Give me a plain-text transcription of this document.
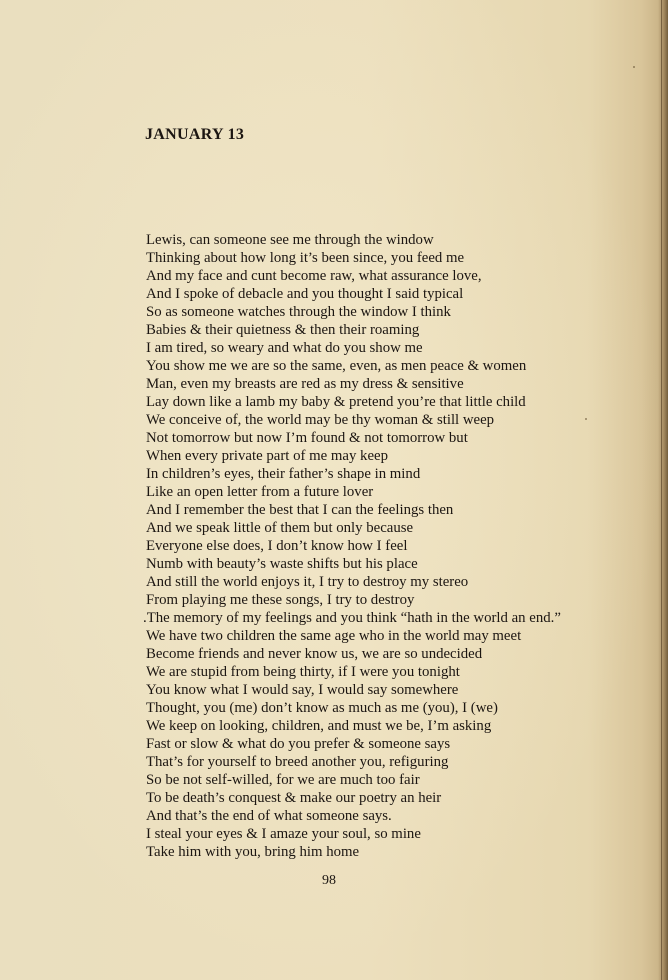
JANUARY 13
Lewis, can someone see me through the window
Thinking about how long it’s been since, you feed me
And my face and cunt become raw, what assurance love,
And I spoke of debacle and you thought I said typical
So as someone watches through the window I think
Babies & their quietness & then their roaming
I am tired, so weary and what do you show me
You show me we are so the same, even, as men peace & women
Man, even my breasts are red as my dress & sensitive
Lay down like a lamb my baby & pretend you’re that little child
We conceive of, the world may be thy woman & still weep
Not tomorrow but now I’m found & not tomorrow but
When every private part of me may keep
In children’s eyes, their father’s shape in mind
Like an open letter from a future lover
And I remember the best that I can the feelings then
And we speak little of them but only because
Everyone else does, I don’t know how I feel
Numb with beauty’s waste shifts but his place
And still the world enjoys it, I try to destroy my stereo
From playing me these songs, I try to destroy
.The memory of my feelings and you think “hath in the world an end.”
We have two children the same age who in the world may meet
Become friends and never know us, we are so undecided
We are stupid from being thirty, if I were you tonight
You know what I would say, I would say somewhere
Thought, you (me) don’t know as much as me (you), I (we)
We keep on looking, children, and must we be, I’m asking
Fast or slow & what do you prefer & someone says
That’s for yourself to breed another you, refiguring
So be not self-willed, for we are much too fair
To be death’s conquest & make our poetry an heir
And that’s the end of what someone says.
I steal your eyes & I amaze your soul, so mine
Take him with you, bring him home
98
